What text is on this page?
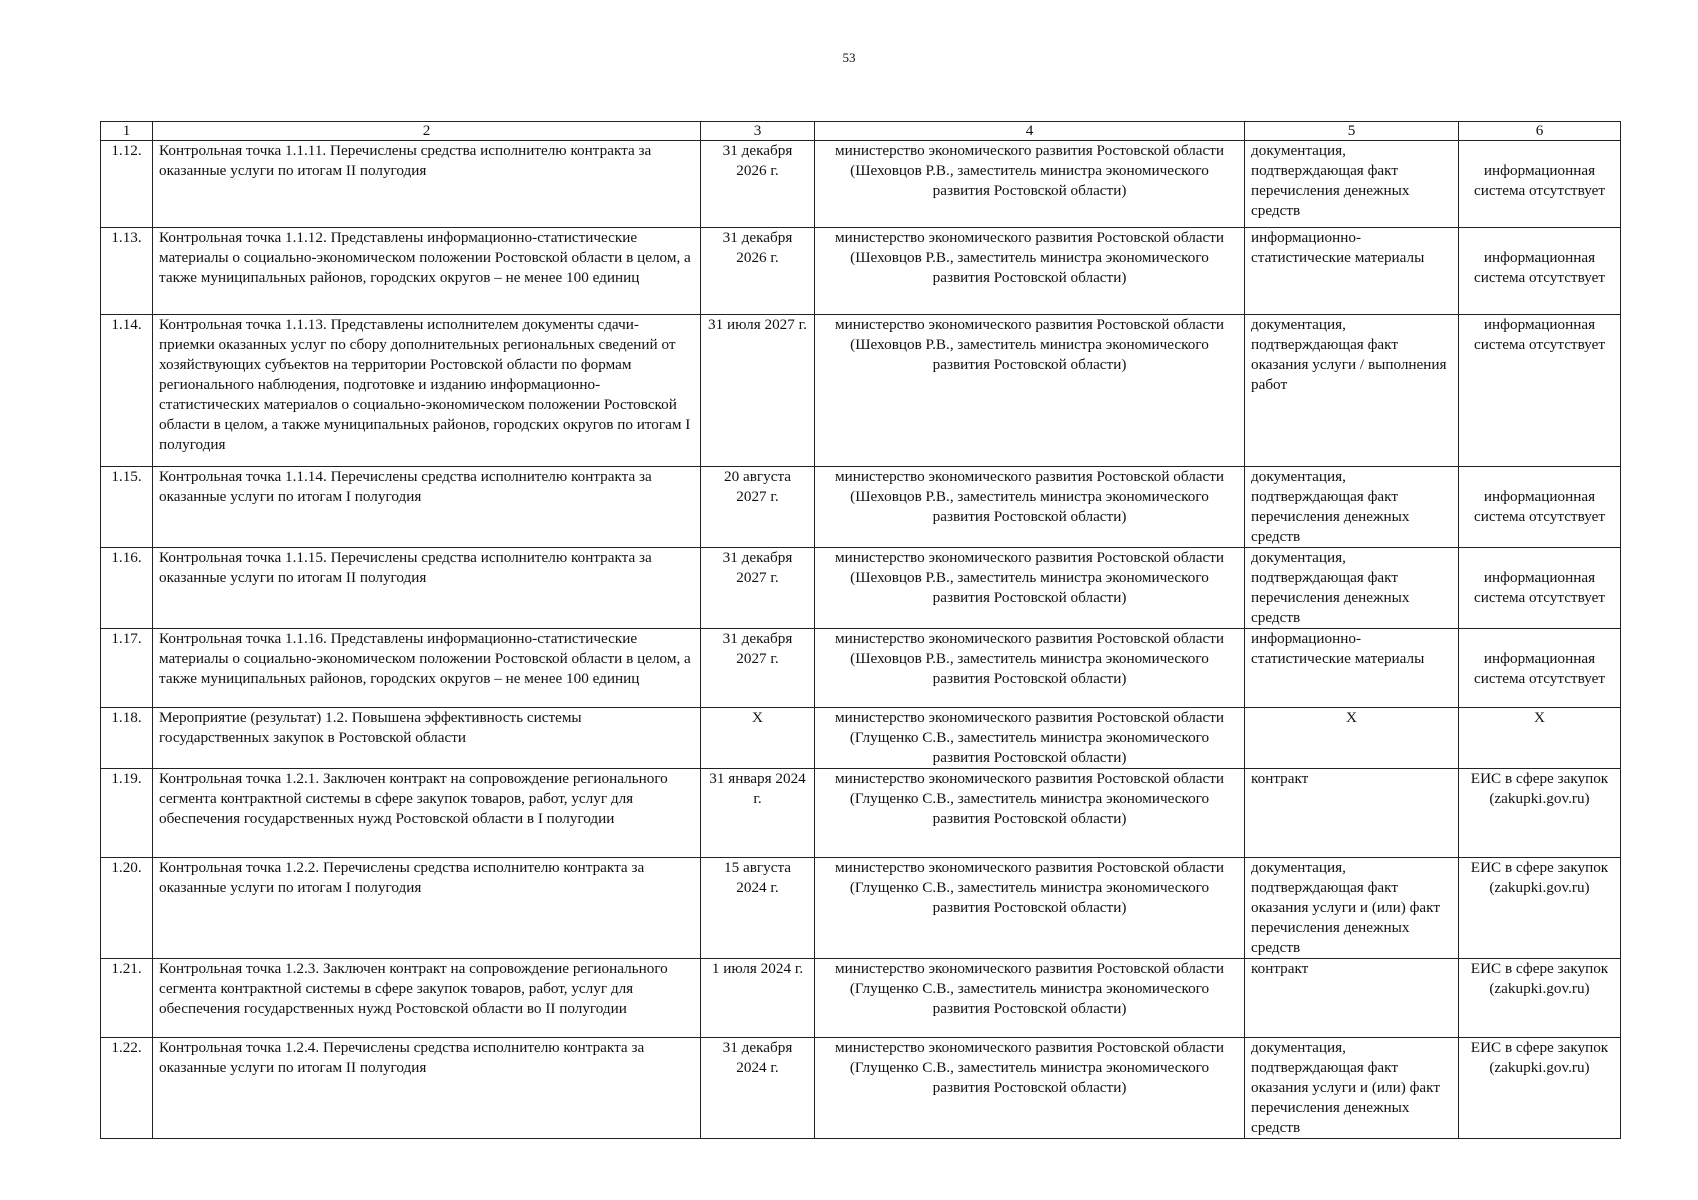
53
1	2	3	4	5	6
1.12.	Контрольная точка 1.1.11. Перечислены средства исполнителю контракта за оказанные услуги по итогам II полугодия	31 декабря 2026 г.	министерство экономического развития Ростовской области (Шеховцов Р.В., заместитель министра экономического развития Ростовской области)	документация, подтверждающая факт перечисления денежных средств	информационная система отсутствует

1.13.	Контрольная точка 1.1.12. Представлены информационно-статистические материалы о социально-экономическом положении Ростовской области в целом, а также муниципальных районов, городских округов – не менее 100 единиц	31 декабря 2026 г.	министерство экономического развития Ростовской области (Шеховцов Р.В., заместитель министра экономического развития Ростовской области)	информационно-статистические материалы	информационная система отсутствует

1.14.	Контрольная точка 1.1.13. Представлены исполнителем документы сдачи-приемки оказанных услуг по сбору дополнительных региональных сведений от хозяйствующих субъектов на территории Ростовской области по формам регионального наблюдения, подготовке и изданию информационно-статистических материалов о социально-экономическом положении Ростовской области в целом, а также муниципальных районов, городских округов по итогам I полугодия	31 июля 2027 г.	министерство экономического развития Ростовской области (Шеховцов Р.В., заместитель министра экономического развития Ростовской области)	документация, подтверждающая факт оказания услуги / выполнения работ	информационная система отсутствует
1.15.	Контрольная точка 1.1.14. Перечислены средства исполнителю контракта за оказанные услуги по итогам I полугодия	20 августа 2027 г.	министерство экономического развития Ростовской области (Шеховцов Р.В., заместитель министра экономического развития Ростовской области)	документация, подтверждающая факт перечисления денежных средств	информационная система отсутствует

1.16.	Контрольная точка 1.1.15. Перечислены средства исполнителю контракта за оказанные услуги по итогам II полугодия	31 декабря 2027 г.	министерство экономического развития Ростовской области (Шеховцов Р.В., заместитель министра экономического развития Ростовской области)	документация, подтверждающая факт перечисления денежных средств	информационная система отсутствует

1.17.	Контрольная точка 1.1.16. Представлены информационно-статистические материалы о социально-экономическом положении Ростовской области в целом, а также муниципальных районов, городских округов – не менее 100 единиц	31 декабря 2027 г.	министерство экономического развития Ростовской области (Шеховцов Р.В., заместитель министра экономического развития Ростовской области)	информационно-статистические материалы	информационная система отсутствует

1.18.	Мероприятие (результат) 1.2. Повышена эффективность системы государственных закупок в Ростовской области	Х	министерство экономического развития Ростовской области (Глущенко С.В., заместитель министра экономического развития Ростовской области)	Х	Х
1.19.	Контрольная точка 1.2.1. Заключен контракт на сопровождение регионального сегмента контрактной системы в сфере закупок товаров, работ, услуг для обеспечения государственных нужд Ростовской области в I полугодии	31 января 2024 г.	министерство экономического развития Ростовской области (Глущенко С.В., заместитель министра экономического развития Ростовской области)	контракт	ЕИС в сфере закупок (zakupki.gov.ru)
1.20.	Контрольная точка 1.2.2. Перечислены средства исполнителю контракта за оказанные услуги по итогам I полугодия	15 августа 2024 г.	министерство экономического развития Ростовской области (Глущенко С.В., заместитель министра экономического развития Ростовской области)	документация, подтверждающая факт оказания услуги и (или) факт перечисления денежных средств	ЕИС в сфере закупок (zakupki.gov.ru)
1.21.	Контрольная точка 1.2.3. Заключен контракт на сопровождение регионального сегмента контрактной системы в сфере закупок товаров, работ, услуг для обеспечения государственных нужд Ростовской области во II полугодии	1 июля 2024 г.	министерство экономического развития Ростовской области (Глущенко С.В., заместитель министра экономического развития Ростовской области)	контракт	ЕИС в сфере закупок (zakupki.gov.ru)
1.22.	Контрольная точка 1.2.4. Перечислены средства исполнителю контракта за оказанные услуги по итогам II полугодия	31 декабря 2024 г.	министерство экономического развития Ростовской области (Глущенко С.В., заместитель министра экономического развития Ростовской области)	документация, подтверждающая факт оказания услуги и (или) факт перечисления денежных средств	ЕИС в сфере закупок (zakupki.gov.ru)
